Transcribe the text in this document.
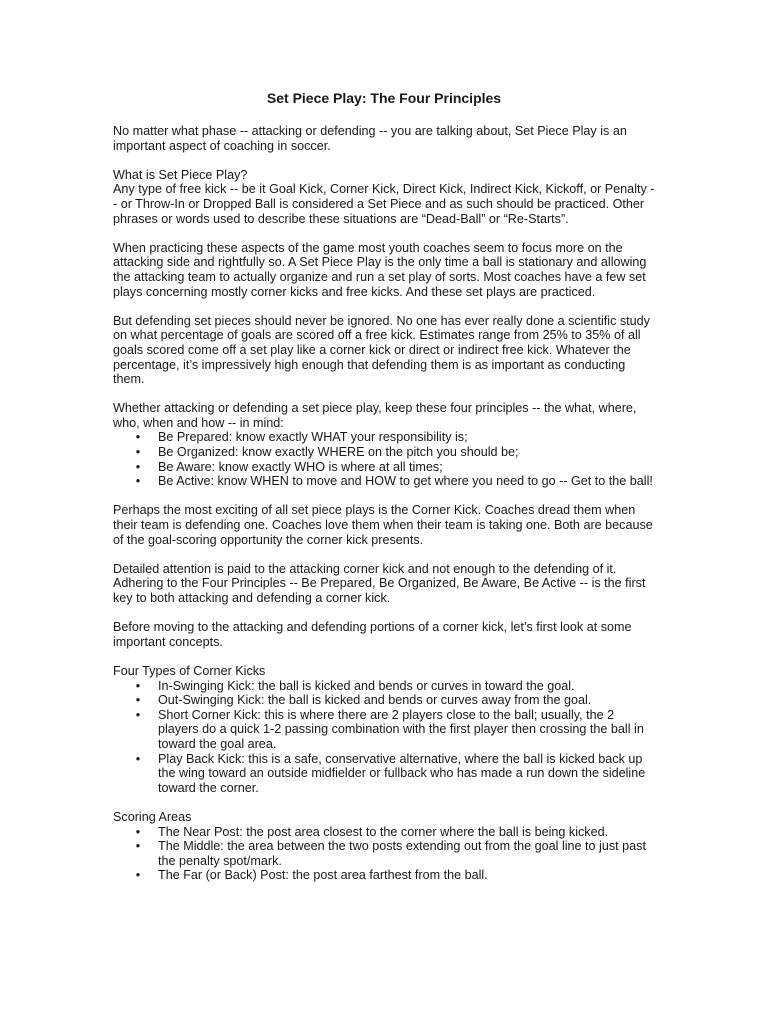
Set Piece Play: The Four Principles

No matter what phase -- attacking or defending -- you are talking about, Set Piece Play is an important aspect of coaching in soccer.

What is Set Piece Play?
Any type of free kick -- be it Goal Kick, Corner Kick, Direct Kick, Indirect Kick, Kickoff, or Penalty -- or Throw-In or Dropped Ball is considered a Set Piece and as such should be practiced. Other phrases or words used to describe these situations are “Dead-Ball” or “Re-Starts”.

When practicing these aspects of the game most youth coaches seem to focus more on the attacking side and rightfully so. A Set Piece Play is the only time a ball is stationary and allowing the attacking team to actually organize and run a set play of sorts. Most coaches have a few set plays concerning mostly corner kicks and free kicks. And these set plays are practiced.

But defending set pieces should never be ignored. No one has ever really done a scientific study on what percentage of goals are scored off a free kick. Estimates range from 25% to 35% of all goals scored come off a set play like a corner kick or direct or indirect free kick. Whatever the percentage, it’s impressively high enough that defending them is as important as conducting them.

Whether attacking or defending a set piece play, keep these four principles -- the what, where, who, when and how -- in mind:
• Be Prepared: know exactly WHAT your responsibility is;
• Be Organized: know exactly WHERE on the pitch you should be;
• Be Aware: know exactly WHO is where at all times;
• Be Active: know WHEN to move and HOW to get where you need to go -- Get to the ball!

Perhaps the most exciting of all set piece plays is the Corner Kick. Coaches dread them when their team is defending one. Coaches love them when their team is taking one. Both are because of the goal-scoring opportunity the corner kick presents.

Detailed attention is paid to the attacking corner kick and not enough to the defending of it. Adhering to the Four Principles -- Be Prepared, Be Organized, Be Aware, Be Active -- is the first key to both attacking and defending a corner kick.

Before moving to the attacking and defending portions of a corner kick, let’s first look at some important concepts.

Four Types of Corner Kicks
• In-Swinging Kick: the ball is kicked and bends or curves in toward the goal.
• Out-Swinging Kick: the ball is kicked and bends or curves away from the goal.
• Short Corner Kick: this is where there are 2 players close to the ball; usually, the 2 players do a quick 1-2 passing combination with the first player then crossing the ball in toward the goal area.
• Play Back Kick: this is a safe, conservative alternative, where the ball is kicked back up the wing toward an outside midfielder or fullback who has made a run down the sideline toward the corner.
Scoring Areas
• The Near Post: the post area closest to the corner where the ball is being kicked.
• The Middle: the area between the two posts extending out from the goal line to just past the penalty spot/mark.
• The Far (or Back) Post: the post area farthest from the ball.
